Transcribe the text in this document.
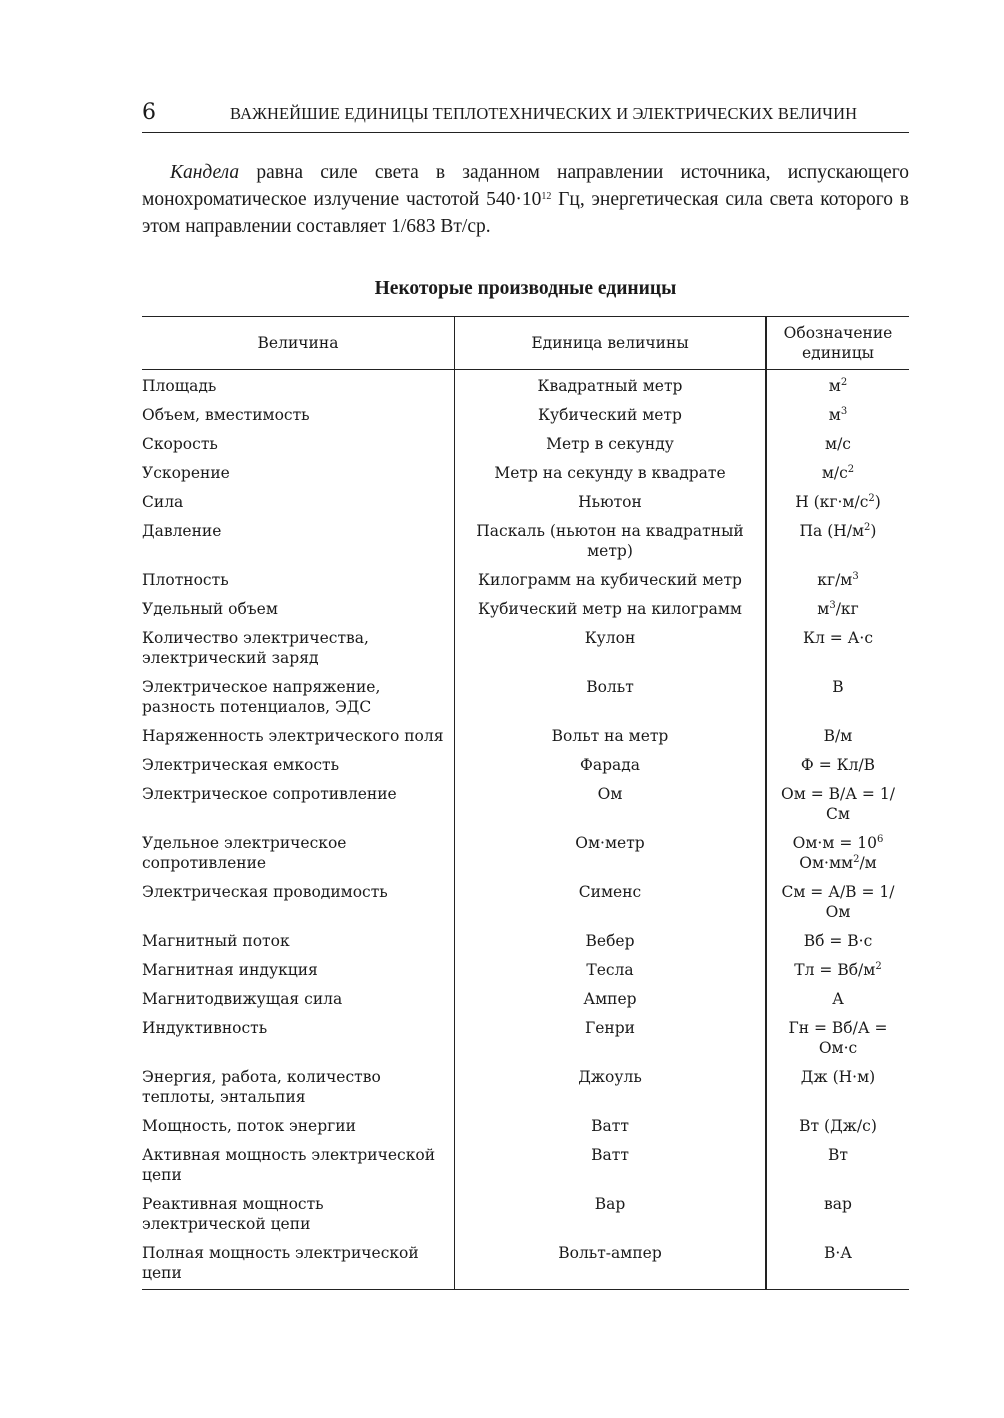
6	ВАЖНЕЙШИЕ ЕДИНИЦЫ ТЕПЛОТЕХНИЧЕСКИХ И ЭЛЕКТРИЧЕСКИХ ВЕЛИЧИН

Кандела равна силе света в заданном направлении источника, испускающего монохроматическое излучение частотой $540\cdot 10^{12}$ Гц, энергетическая сила света которого в этом направлении составляет 1/683 Вт/ср.

Некоторые производные единицы
Величина	Единица величины	Обозначение единицы
Площадь	Квадратный метр	$м^2$
Объем, вместимость	Кубический метр	$м^3$
Скорость	Метр в секунду	м/с
Ускорение	Метр на секунду в квадрате	$м/с^2$
Сила	Ньютон	Н $(кг\cdot м/с^2)$
Давление	Паскаль (ньютон на квадратный метр)	Па $(Н/м^2)$
Плотность	Килограмм на кубический метр	$кг/м^3$
Удельный объем	Кубический метр на килограмм	$м^3/кг$
Количество электричества, электрический заряд	Кулон	Кл = А·с
Электрическое напряжение, разность потенциалов, ЭДС	Вольт	В
Наряженность электрического поля	Вольт на метр	В/м
Электрическая емкость	Фарада	Ф = Кл/В
Электрическое сопротивление	Ом	Ом = В/А = 1/См
Удельное электрическое сопротивление	Ом·метр	$Ом\cdot м = 10^6$
$Ом\cdot мм^2/м$
Электрическая проводимость	Сименс	См = А/В = 1/Ом
Магнитный поток	Вебер	Вб = В·с
Магнитная индукция	Тесла	Тл = $Вб/м^2$
Магнитодвижущая сила	Ампер	А
Индуктивность	Генри	Гн = Вб/А = Ом·с
Энергия, работа, количество теплоты, энтальпия	Джоуль	Дж (Н·м)
Мощность, поток энергии	Ватт	Вт (Дж/с)
Активная мощность электрической цепи	Ватт	Вт
Реактивная мощность электрической цепи	Вар	вар
Полная мощность электрической цепи	Вольт-ампер	В·А
